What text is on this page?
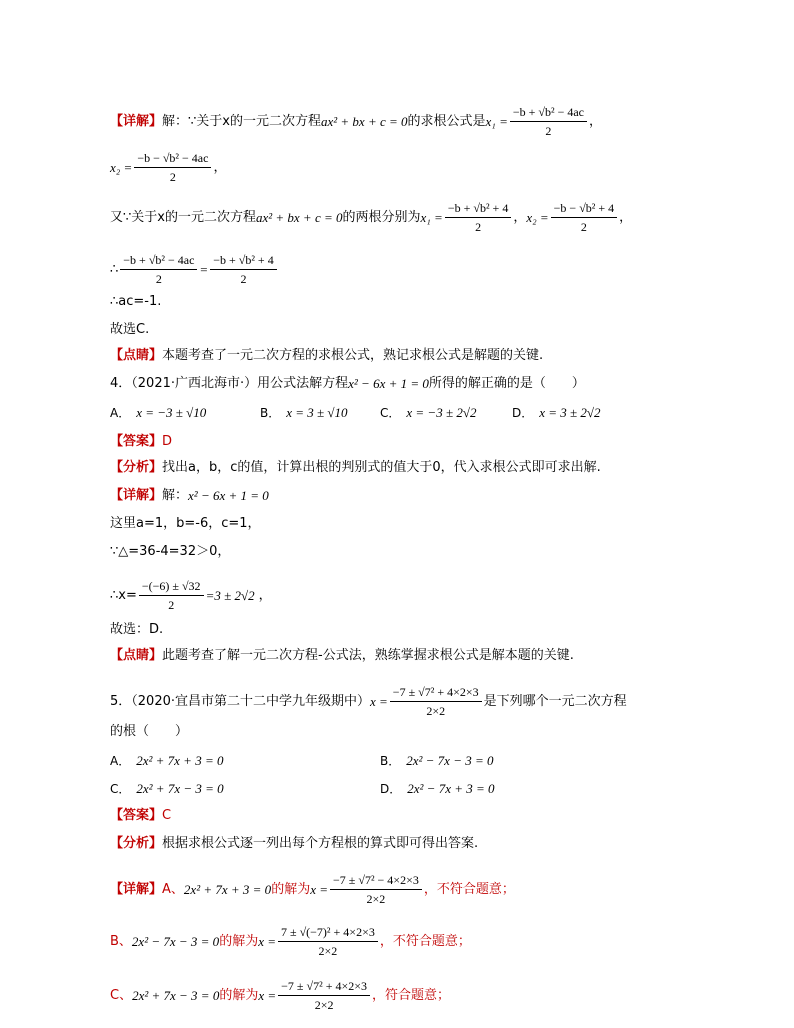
【详解】 解：∵关于x的一元二次方程 ax² + bx + c = 0 的求根公式是 $x_1 = \frac{\text{−b + √b² − 4ac}}{2}$ ，
$x_2 = \frac{\text{−b − √b² − 4ac}}{2}$ ，
又∵关于x的一元二次方程 ax² + bx + c = 0 的两根分别为 $x_1 = \frac{\text{−b + √b² + 4}}{2}$ ， $x_2 = \frac{\text{−b − √b² + 4}}{2}$ ，
∴ $\frac{\text{−b + √b² − 4ac}}{2} = \frac{\text{−b + √b² + 4}}{2}$
∴ac=-1.
故选C.
【点睛】 本题考查了一元二次方程的求根公式，熟记求根公式是解题的关键.
4．（2021·广西北海市·）用公式法解方程 x² − 6x + 1 = 0 所得的解正确的是（　　）
A． x = −3 ± √10	B． x = 3 ± √10	C． x = −3 ± 2√2	D． x = 3 ± 2√2
【答案】 D
【分析】 找出a，b，c的值，计算出根的判别式的值大于0，代入求根公式即可求出解.
【详解】 解： x² − 6x + 1 = 0
这里a=1，b=-6，c=1，
∵△=36-4=32＞0，
∴x= $\frac{-(-6) \pm √32}{2} =3 \pm 2√2$ ，
故选：D.
【点睛】 此题考查了解一元二次方程-公式法，熟练掌握求根公式是解本题的关键.
5．（2020·宜昌市第二十二中学九年级期中） $x = \frac{\text{−7 ± √7² + 4×2×3}}{2\times 2}$ 是下列哪个一元二次方程
的根（　　）
A． 2x² + 7x + 3 = 0	B． 2x² − 7x − 3 = 0
C． 2x² + 7x − 3 = 0	D． 2x² − 7x + 3 = 0
【答案】 C
【分析】 根据求根公式逐一列出每个方程根的算式即可得出答案.
【详解】 A、 2x² + 7x + 3 = 0 的解为 $x = \frac{\text{−7 ± √7² − 4×2×3}}{2\times 2}$ ，不符合题意；
B、 2x² − 7x − 3 = 0 的解为 $x = \frac{\text{7 ± √(−7)² + 4×2×3}}{2\times 2}$ ，不符合题意；
C、 2x² + 7x − 3 = 0 的解为 $x = \frac{\text{−7 ± √7² + 4×2×3}}{2\times 2}$ ，符合题意；
